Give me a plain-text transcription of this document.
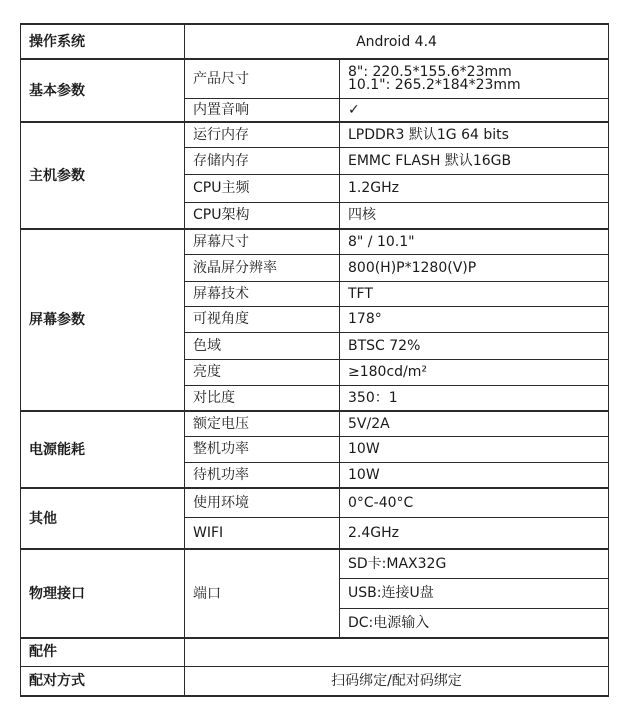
操作系统	Android 4.4	
基本参数	产品尺寸	8": 220.5*155.6*23mm
10.1": 265.2*184*23mm

	内置音响	✓
主机参数	运行内存	LPDDR3 默认1G 64 bits
	存储内存	EMMC FLASH 默认16GB
	CPU主频	1.2GHz
	CPU架构	四核
屏幕参数	屏幕尺寸	8" / 10.1"
	液晶屏分辨率	800(H)P*1280(V)P
	屏幕技术	TFT
	可视角度	178°
	色域	BTSC 72%
	亮度	≥180cd/m²
	对比度	350：1
电源能耗	额定电压	5V/2A
	整机功率	10W
	待机功率	10W
其他	使用环境	0°C-40°C
	WIFI	2.4GHz
物理接口	端口	SD卡:MAX32G
		USB:连接U盘
		DC:电源输入
配件		
配对方式	扫码绑定/配对码绑定	
